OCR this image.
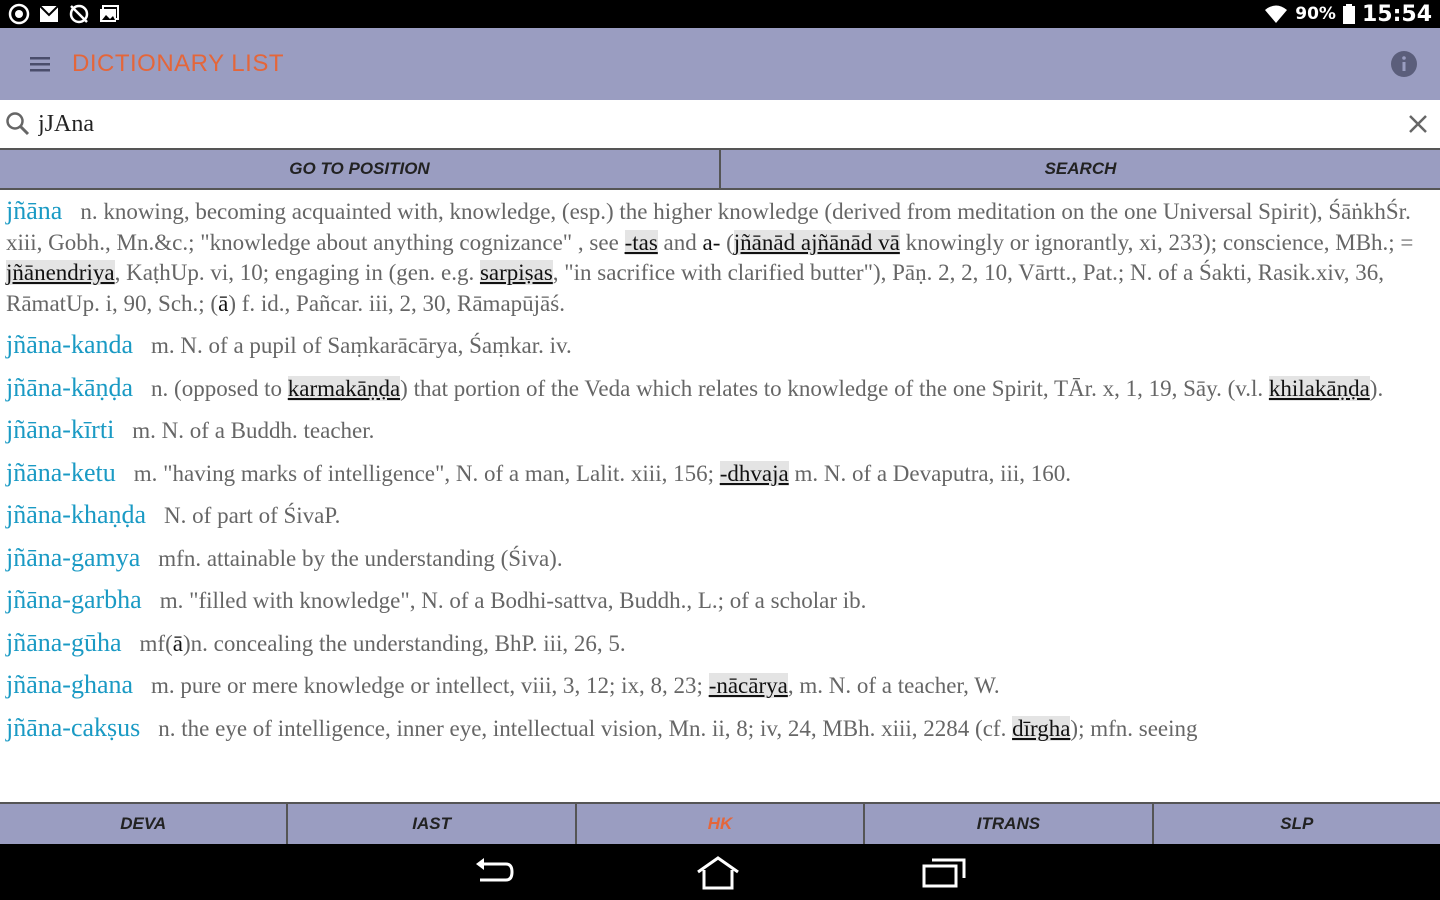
90% 15:54
DICTIONARY LIST
jJAna
GO TO POSITION	SEARCH
jñāna n. knowing, becoming acquainted with, knowledge, (esp.) the higher knowledge (derived from meditation on the one Universal Spirit), ŚāṅkhŚr. xiii, Gobh., Mn.&c.; "knowledge about anything cognizance" , see -tas and a- (jñānād ajñānād vā knowingly or ignorantly, xi, 233); conscience, MBh.; = jñānendriya, KaṭhUp. vi, 10; engaging in (gen. e.g. sarpiṣas, "in sacrifice with clarified butter"), Pāṇ. 2, 2, 10, Vārtt., Pat.; N. of a Śakti, Rasik.xiv, 36, RāmatUp. i, 90, Sch.; (ā) f. id., Pañcar. iii, 2, 30, Rāmapūjāś.
jñāna-kanda m. N. of a pupil of Saṃkarācārya, Śaṃkar. iv.
jñāna-kāṇḍa n. (opposed to karmakāṇḍa) that portion of the Veda which relates to knowledge of the one Spirit, TĀr. x, 1, 19, Sāy. (v.l. khilakāṇḍa).
jñāna-kīrti m. N. of a Buddh. teacher.
jñāna-ketu m. "having marks of intelligence", N. of a man, Lalit. xiii, 156; -dhvaja m. N. of a Devaputra, iii, 160.
jñāna-khaṇḍa N. of part of ŚivaP.
jñāna-gamya mfn. attainable by the understanding (Śiva).
jñāna-garbha m. "filled with knowledge", N. of a Bodhi-sattva, Buddh., L.; of a scholar ib.
jñāna-gūha mf(ā)n. concealing the understanding, BhP. iii, 26, 5.
jñāna-ghana m. pure or mere knowledge or intellect, viii, 3, 12; ix, 8, 23; -nācārya, m. N. of a teacher, W.
jñāna-cakṣus n. the eye of intelligence, inner eye, intellectual vision, Mn. ii, 8; iv, 24, MBh. xiii, 2284 (cf. dīrgha); mfn. seeing
DEVA	IAST	HK	ITRANS	SLP
